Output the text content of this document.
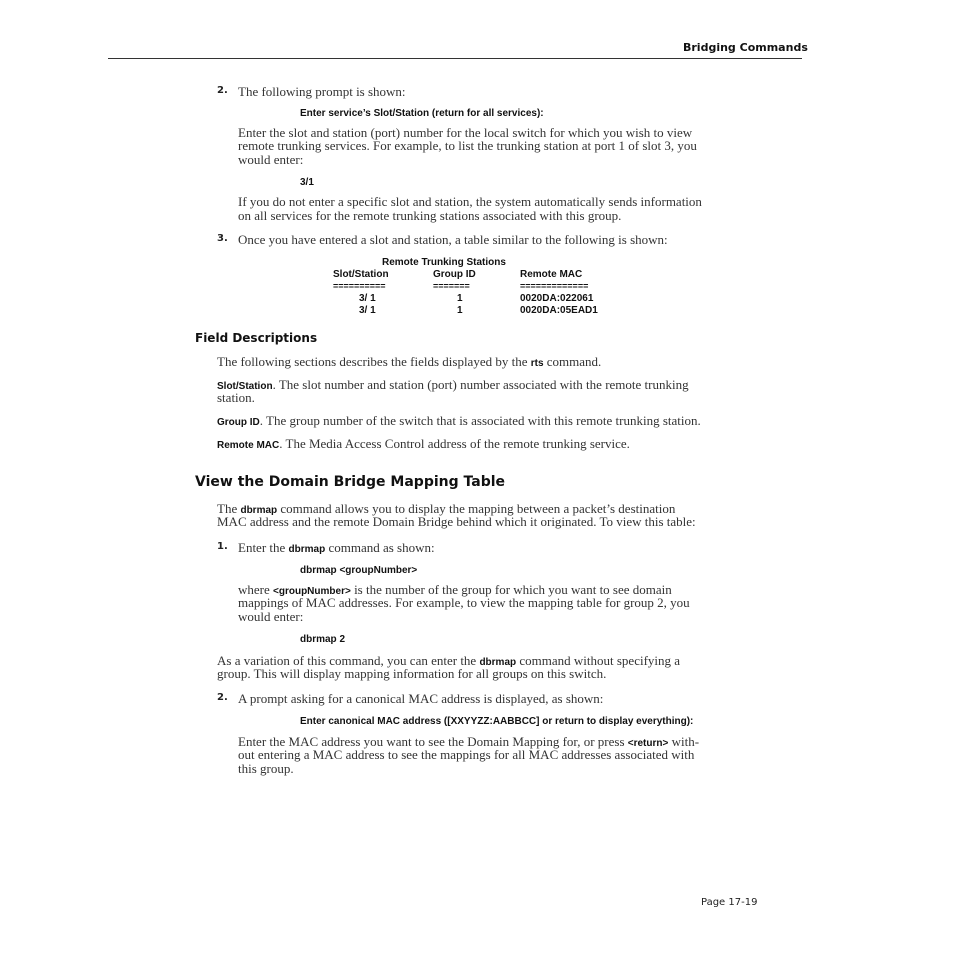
Bridging Commands
2. The following prompt is shown:
Enter service’s Slot/Station (return for all services):
Enter the slot and station (port) number for the local switch for which you wish to view
remote trunking services. For example, to list the trunking station at port 1 of slot 3, you
would enter:
3/1
If you do not enter a specific slot and station, the system automatically sends information
on all services for the remote trunking stations associated with this group.
3. Once you have entered a slot and station, a table similar to the following is shown:
Remote Trunking Stations
Slot/Station	Group ID	Remote MAC
==========	=======	=============
3/ 1	1	0020DA:022061
3/ 1	1	0020DA:05EAD1
Field Descriptions
The following sections describes the fields displayed by the rts command.
Slot/Station. The slot number and station (port) number associated with the remote trunking
station.
Group ID. The group number of the switch that is associated with this remote trunking station.
Remote MAC. The Media Access Control address of the remote trunking service.
View the Domain Bridge Mapping Table
The dbrmap command allows you to display the mapping between a packet’s destination
MAC address and the remote Domain Bridge behind which it originated. To view this table:
1. Enter the dbrmap command as shown:
dbrmap <groupNumber>
where <groupNumber> is the number of the group for which you want to see domain
mappings of MAC addresses. For example, to view the mapping table for group 2, you
would enter:
dbrmap 2
As a variation of this command, you can enter the dbrmap command without specifying a
group. This will display mapping information for all groups on this switch.
2. A prompt asking for a canonical MAC address is displayed, as shown:
Enter canonical MAC address ([XXYYZZ:AABBCC] or return to display everything):
Enter the MAC address you want to see the Domain Mapping for, or press <return> with-
out entering a MAC address to see the mappings for all MAC addresses associated with
this group.
Page 17-19
